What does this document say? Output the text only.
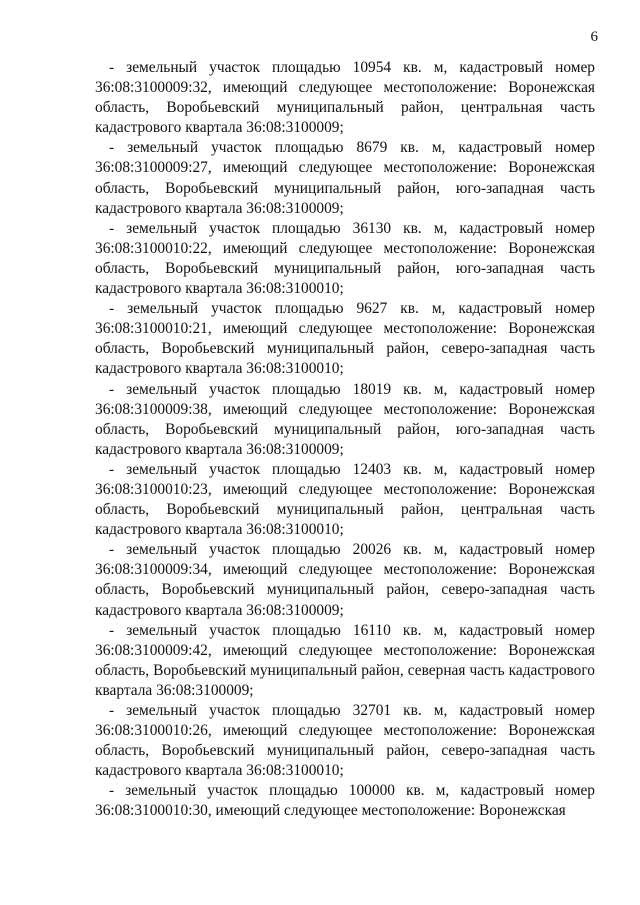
6

- земельный участок площадью 10954 кв. м, кадастровый номер 36:08:3100009:32, имеющий следующее местоположение: Воронежская область, Воробьевский муниципальный район, центральная часть кадастрового квартала 36:08:3100009;

- земельный участок площадью 8679 кв. м, кадастровый номер 36:08:3100009:27, имеющий следующее местоположение: Воронежская область, Воробьевский муниципальный район, юго-западная часть кадастрового квартала 36:08:3100009;

- земельный участок площадью 36130 кв. м, кадастровый номер 36:08:3100010:22, имеющий следующее местоположение: Воронежская область, Воробьевский муниципальный район, юго-западная часть кадастрового квартала 36:08:3100010;

- земельный участок площадью 9627 кв. м, кадастровый номер 36:08:3100010:21, имеющий следующее местоположение: Воронежская область, Воробьевский муниципальный район, северо-западная часть кадастрового квартала 36:08:3100010;

- земельный участок площадью 18019 кв. м, кадастровый номер 36:08:3100009:38, имеющий следующее местоположение: Воронежская область, Воробьевский муниципальный район, юго-западная часть кадастрового квартала 36:08:3100009;

- земельный участок площадью 12403 кв. м, кадастровый номер 36:08:3100010:23, имеющий следующее местоположение: Воронежская область, Воробьевский муниципальный район, центральная часть кадастрового квартала 36:08:3100010;

- земельный участок площадью 20026 кв. м, кадастровый номер 36:08:3100009:34, имеющий следующее местоположение: Воронежская область, Воробьевский муниципальный район, северо-западная часть кадастрового квартала 36:08:3100009;

- земельный участок площадью 16110 кв. м, кадастровый номер 36:08:3100009:42, имеющий следующее местоположение: Воронежская область, Воробьевский муниципальный район, северная часть кадастрового квартала 36:08:3100009;

- земельный участок площадью 32701 кв. м, кадастровый номер 36:08:3100010:26, имеющий следующее местоположение: Воронежская область, Воробьевский муниципальный район, северо-западная часть кадастрового квартала 36:08:3100010;

- земельный участок площадью 100000 кв. м, кадастровый номер 36:08:3100010:30, имеющий следующее местоположение: Воронежская
